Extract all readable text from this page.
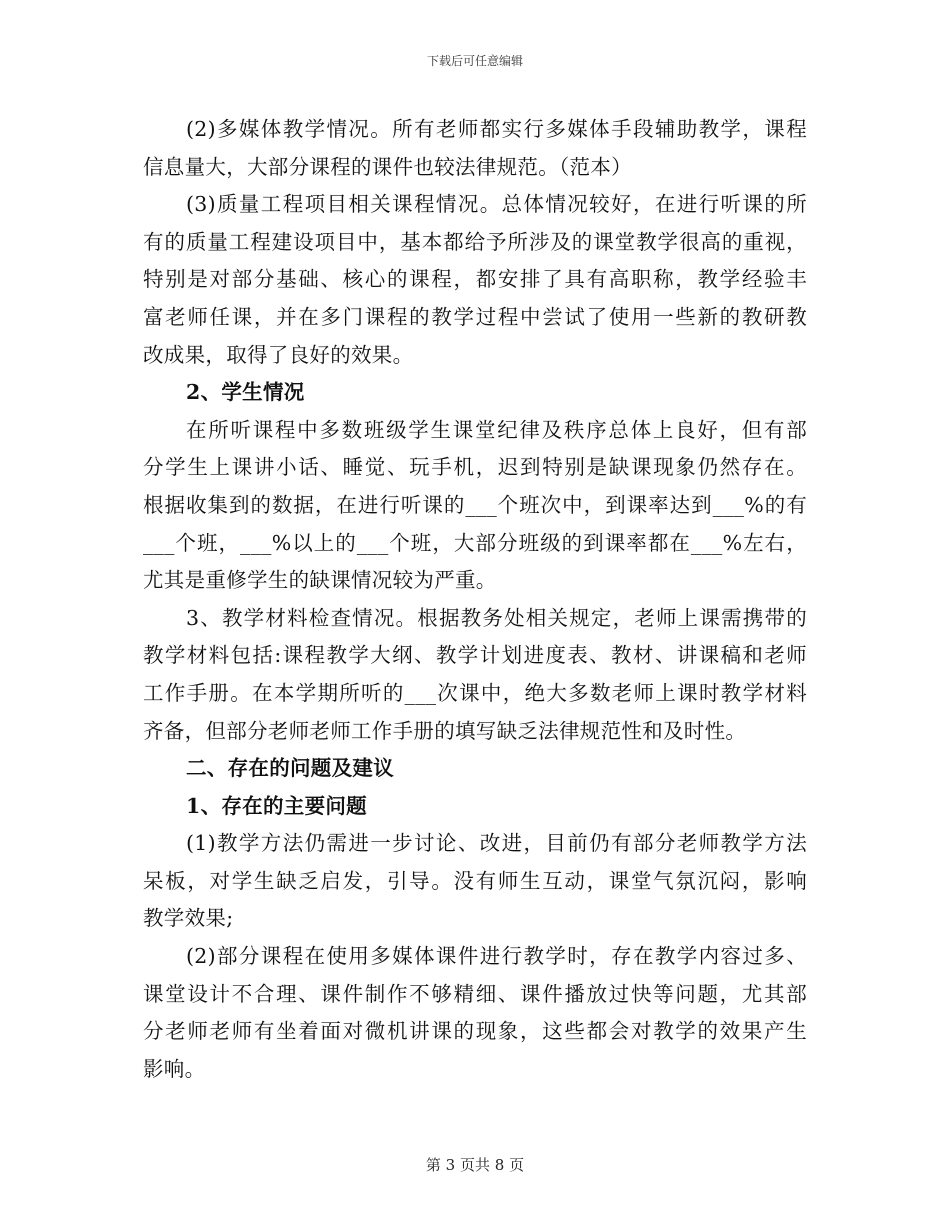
下载后可任意编辑
(2)多媒体教学情况。所有老师都实行多媒体手段辅助教学，课程
信息量大，大部分课程的课件也较法律规范。（范本）
(3)质量工程项目相关课程情况。总体情况较好，在进行听课的所
有的质量工程建设项目中，基本都给予所涉及的课堂教学很高的重视，
特别是对部分基础、核心的课程，都安排了具有高职称，教学经验丰
富老师任课，并在多门课程的教学过程中尝试了使用一些新的教研教
改成果，取得了良好的效果。
2、学生情况
在所听课程中多数班级学生课堂纪律及秩序总体上良好，但有部
分学生上课讲小话、睡觉、玩手机，迟到特别是缺课现象仍然存在。
根据收集到的数据，在进行听课的___个班次中，到课率达到___%的有
___个班，___%以上的___个班，大部分班级的到课率都在___%左右，
尤其是重修学生的缺课情况较为严重。
3、教学材料检查情况。根据教务处相关规定，老师上课需携带的
教学材料包括:课程教学大纲、教学计划进度表、教材、讲课稿和老师
工作手册。在本学期所听的___次课中，绝大多数老师上课时教学材料
齐备，但部分老师老师工作手册的填写缺乏法律规范性和及时性。
二、存在的问题及建议
1、存在的主要问题
(1)教学方法仍需进一步讨论、改进，目前仍有部分老师教学方法
呆板，对学生缺乏启发，引导。没有师生互动，课堂气氛沉闷，影响
教学效果;
(2)部分课程在使用多媒体课件进行教学时，存在教学内容过多、
课堂设计不合理、课件制作不够精细、课件播放过快等问题，尤其部
分老师老师有坐着面对微机讲课的现象，这些都会对教学的效果产生
影响。
第 3 页共 8 页
